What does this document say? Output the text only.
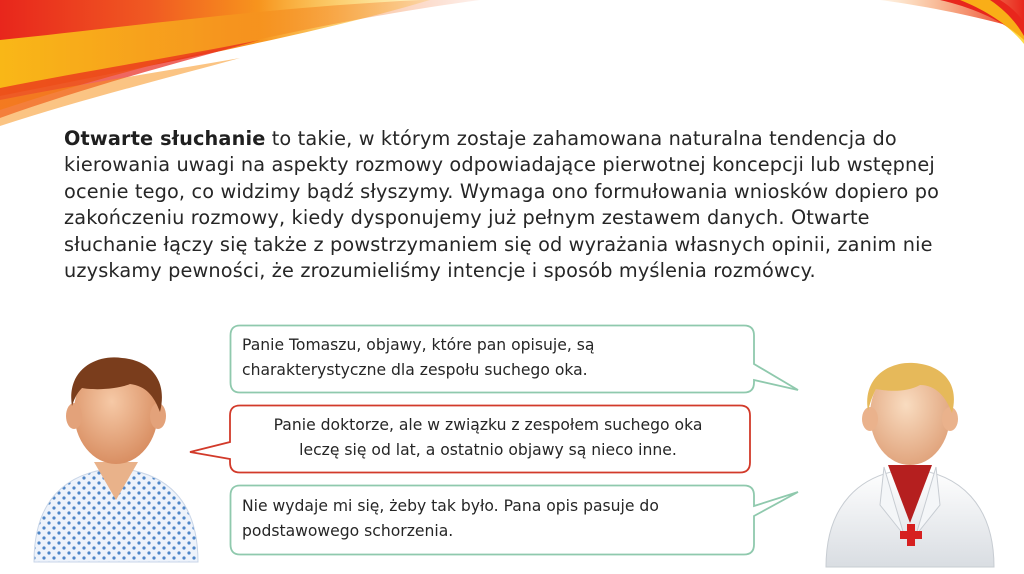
Otwarte słuchanie to takie, w którym zostaje zahamowana naturalna tendencja do kierowania uwagi na aspekty rozmowy odpowiadające pierwotnej koncepcji lub wstępnej ocenie tego, co widzimy bądź słyszymy. Wymaga ono formułowania wniosków dopiero po zakończeniu rozmowy, kiedy dysponujemy już pełnym zestawem danych. Otwarte słuchanie łączy się także z powstrzymaniem się od wyrażania własnych opinii, zanim nie uzyskamy pewności, że zrozumieliśmy intencje i sposób myślenia rozmówcy.
Panie Tomaszu, objawy, które pan opisuje, są charakterystyczne dla zespołu suchego oka.
Panie doktorze, ale w związku z zespołem suchego oka leczę się od lat, a ostatnio objawy są nieco inne.
Nie wydaje mi się, żeby tak było. Pana opis pasuje do podstawowego schorzenia.
